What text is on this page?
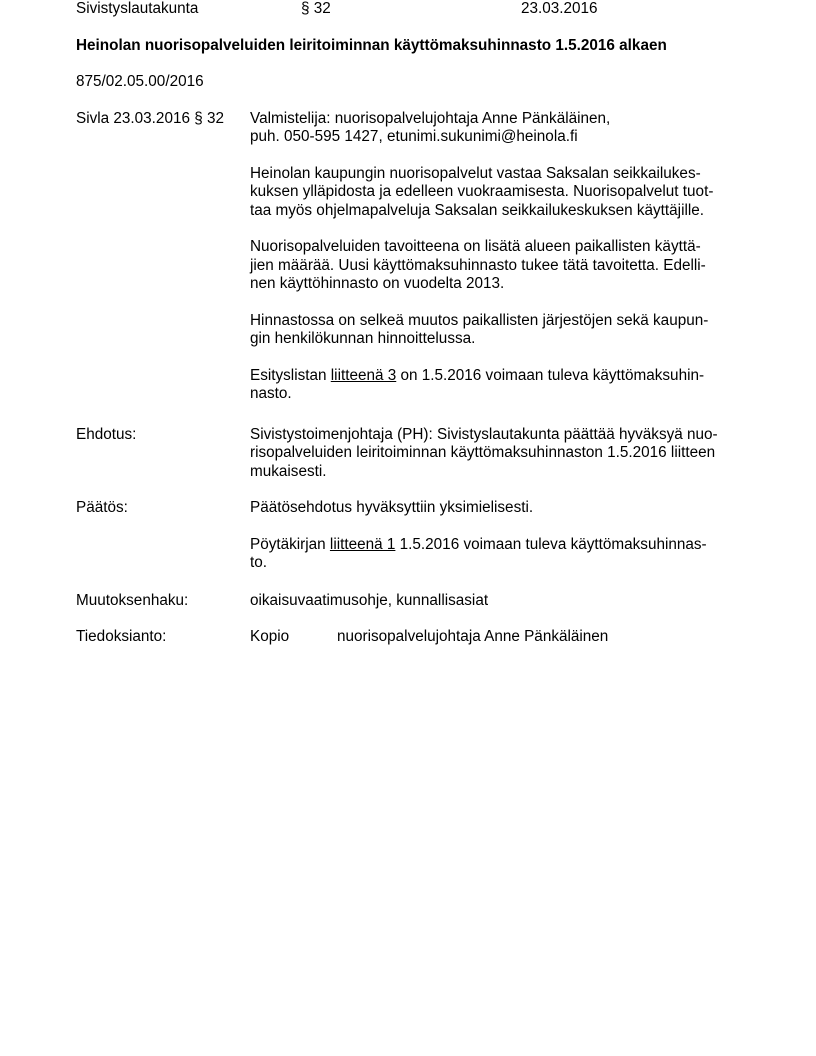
Sivistyslautakunta	§ 32	23.03.2016
Heinolan nuorisopalveluiden leiritoiminnan käyttömaksuhinnasto 1.5.2016 alkaen
875/02.05.00/2016
Sivla 23.03.2016 § 32 Valmistelija: nuorisopalvelujohtaja Anne Pänkäläinen,
puh. 050-595 1427, etunimi.sukunimi@heinola.fi
Heinolan kaupungin nuorisopalvelut vastaa Saksalan seikkailukes-
kuksen ylläpidosta ja edelleen vuokraamisesta. Nuorisopalvelut tuot-
taa myös ohjelmapalveluja Saksalan seikkailukeskuksen käyttäjille.
Nuorisopalveluiden tavoitteena on lisätä alueen paikallisten käyttä-
jien määrää. Uusi käyttömaksuhinnasto tukee tätä tavoitetta. Edelli-
nen käyttöhinnasto on vuodelta 2013.
Hinnastossa on selkeä muutos paikallisten järjestöjen sekä kaupun-
gin henkilökunnan hinnoittelussa.
Esityslistan liitteenä 3 on 1.5.2016 voimaan tuleva käyttömaksuhin-
nasto.
Ehdotus:	Sivistystoimenjohtaja (PH): Sivistyslautakunta päättää hyväksyä nuo-
risopalveluiden leiritoiminnan käyttömaksuhinnaston 1.5.2016 liitteen
mukaisesti.
Päätös:	Päätösehdotus hyväksyttiin yksimielisesti.
Pöytäkirjan liitteenä 1 1.5.2016 voimaan tuleva käyttömaksuhinnas-
to.
Muutoksenhaku:	oikaisuvaatimusohje, kunnallisasiat
Tiedoksianto:	Kopio	nuorisopalvelujohtaja Anne Pänkäläinen
